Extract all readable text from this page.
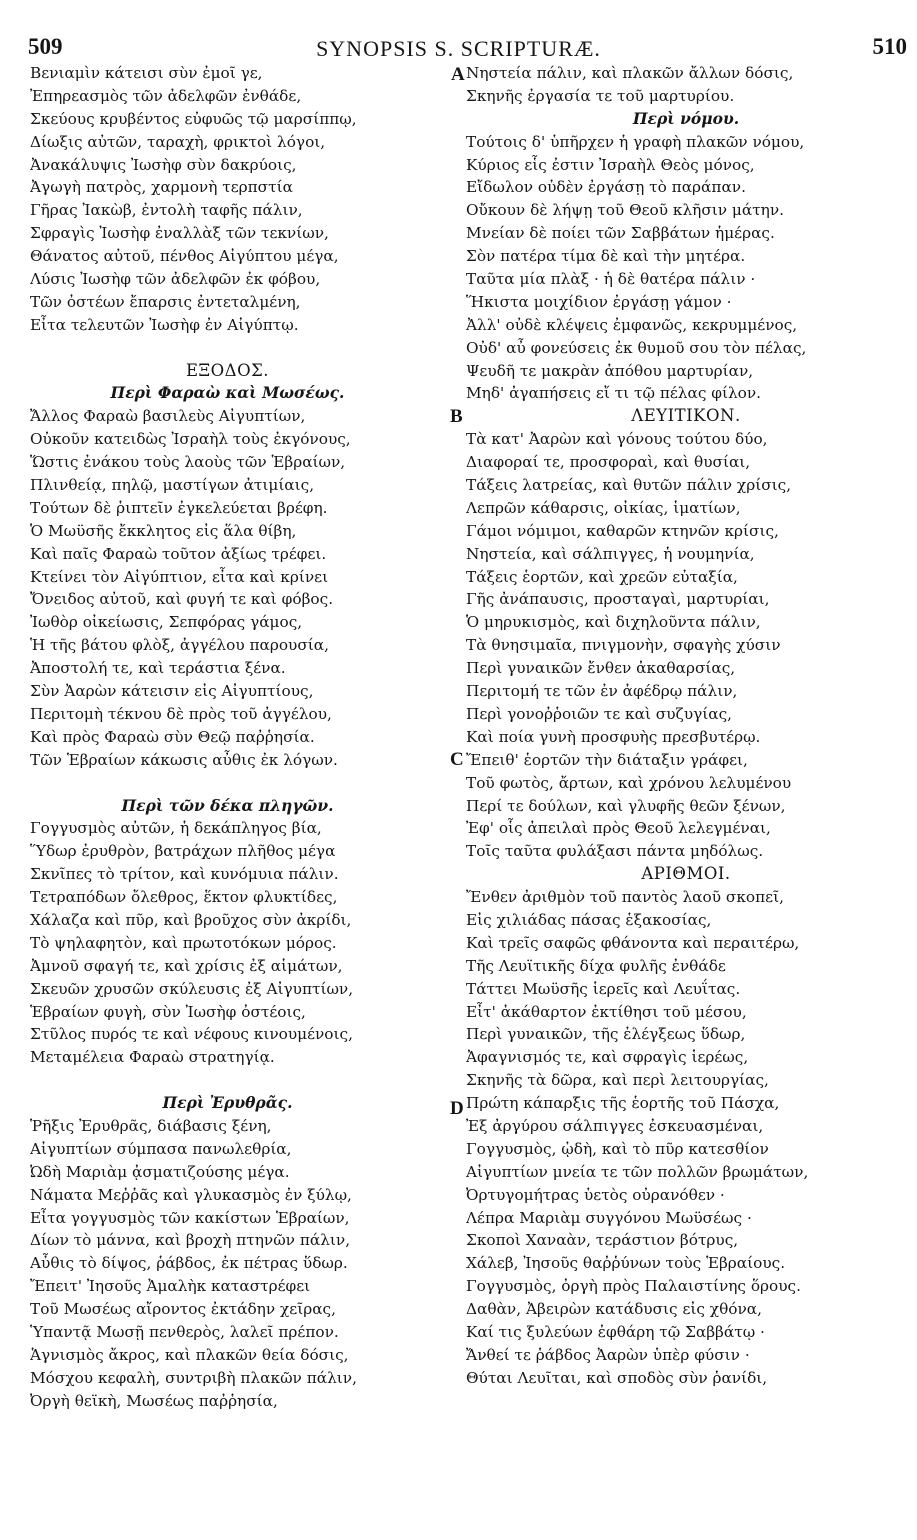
509	SYNOPSIS S. SCRIPTURÆ.	510
Βενιαμὶν κάτεισι σὺν ἐμοῖ γε,
Ἐπηρεασμὸς τῶν ἀδελφῶν ἐνθάδε,
Σκεύους κρυβέντος εὐφυῶς τῷ μαρσίππῳ,
Δίωξις αὐτῶν, ταραχὴ, φρικτοὶ λόγοι,
Ἀνακάλυψις Ἰωσὴφ σὺν δακρύοις,
Ἀγωγὴ πατρὸς, χαρμονὴ τερπστία
Γῆρας Ἰακὼβ, ἐντολὴ ταφῆς πάλιν,
Σφραγὶς Ἰωσὴφ ἐναλλὰξ τῶν τεκνίων,
Θάνατος αὐτοῦ, πένθος Αἰγύπτου μέγα,
Λύσις Ἰωσὴφ τῶν ἀδελφῶν ἐκ φόβου,
Τῶν ὀστέων ἔπαρσις ἐντεταλμένη,
Εἶτα τελευτῶν Ἰωσὴφ ἐν Αἰγύπτῳ.
ΕΞΟΔΟΣ.
Περὶ Φαραὼ καὶ Μωσέως.
Ἄλλος Φαραὼ βασιλεὺς Αἰγυπτίων,
Οὐκοῦν κατειδὼς Ἰσραὴλ τοὺς ἐκγόνους,
Ὥστις ἐνάκου τοὺς λαοὺς τῶν Ἑβραίων,
Πλινθείᾳ, πηλῷ, μαστίγων ἀτιμίαις,
Τούτων δὲ ῥιπτεῖν ἐγκελεύεται βρέφη.
Ὁ Μωϋσῆς ἔκκλητος εἰς ἅλα θίβη,
Καὶ παῖς Φαραὼ τοῦτον ἀξίως τρέφει.
Κτείνει τὸν Αἰγύπτιον, εἶτα καὶ κρίνει
Ὄνειδος αὐτοῦ, καὶ φυγή τε καὶ φόβος.
Ἰωθὸρ οἰκείωσις, Σεπφόρας γάμος,
Ἡ τῆς βάτου φλὸξ, ἀγγέλου παρουσία,
Ἀποστολή τε, καὶ τεράστια ξένα.
Σὺν Ἀαρὼν κάτεισιν εἰς Αἰγυπτίους,
Περιτομὴ τέκνου δὲ πρὸς τοῦ ἀγγέλου,
Καὶ πρὸς Φαραὼ σὺν Θεῷ παῤῥησία.
Τῶν Ἑβραίων κάκωσις αὖθις ἐκ λόγων.
Περὶ τῶν δέκα πληγῶν.
Γογγυσμὸς αὐτῶν, ἡ δεκάπληγος βία,
Ὕδωρ ἐρυθρὸν, βατράχων πλῆθος μέγα
Σκνῖπες τὸ τρίτον, καὶ κυνόμυια πάλιν.
Τετραπόδων ὄλεθρος, ἕκτον φλυκτίδες,
Χάλαζα καὶ πῦρ, καὶ βροῦχος σὺν ἀκρίδι,
Τὸ ψηλαφητὸν, καὶ πρωτοτόκων μόρος.
Ἀμνοῦ σφαγή τε, καὶ χρίσις ἐξ αἱμάτων,
Σκευῶν χρυσῶν σκύλευσις ἐξ Αἰγυπτίων,
Ἑβραίων φυγὴ, σὺν Ἰωσὴφ ὀστέοις,
Στῦλος πυρός τε καὶ νέφους κινουμένοις,
Μεταμέλεια Φαραὼ στρατηγίᾳ.
Περὶ Ἐρυθρᾶς.
Ῥῆξις Ἐρυθρᾶς, διάβασις ξένη,
Αἰγυπτίων σύμπασα πανωλεθρία,
Ὠδὴ Μαριὰμ ᾀσματιζούσης μέγα.
Νάματα Μεῤῥᾶς καὶ γλυκασμὸς ἐν ξύλῳ,
Εἶτα γογγυσμὸς τῶν κακίστων Ἑβραίων,
Δίων τὸ μάννα, καὶ βροχὴ πτηνῶν πάλιν,
Αὖθις τὸ δίψος, ῥάβδος, ἐκ πέτρας ὕδωρ.
Ἔπειτ' Ἰησοῦς Ἀμαλὴκ καταστρέφει
Τοῦ Μωσέως αἴροντος ἐκτάδην χεῖρας,
Ὑπαντᾷ Μωσῇ πενθερὸς, λαλεῖ πρέπον.
Ἁγνισμὸς ἄκρος, καὶ πλακῶν θεία δόσις,
Μόσχου κεφαλὴ, συντριβὴ πλακῶν πάλιν,
Ὀργὴ θεϊκὴ, Μωσέως παῤῥησία,
Νηστεία πάλιν, καὶ πλακῶν ἄλλων δόσις,
Σκηνῆς ἐργασία τε τοῦ μαρτυρίου.
Περὶ νόμου.
Τούτοις δ' ὑπῆρχεν ἡ γραφὴ πλακῶν νόμου,
Κύριος εἷς ἐστιν Ἰσραὴλ Θεὸς μόνος,
Εἴδωλον οὐδὲν ἐργάσῃ τὸ παράπαν.
Οὔκουν δὲ λήψῃ τοῦ Θεοῦ κλῆσιν μάτην.
Μνείαν δὲ ποίει τῶν Σαββάτων ἡμέρας.
Σὸν πατέρα τίμα δὲ καὶ τὴν μητέρα.
Ταῦτα μία πλὰξ · ἡ δὲ θατέρα πάλιν ·
Ἥκιστα μοιχίδιον ἐργάσῃ γάμον ·
Ἀλλ' οὐδὲ κλέψεις ἐμφανῶς, κεκρυμμένος,
Οὐδ' αὖ φονεύσεις ἐκ θυμοῦ σου τὸν πέλας,
Ψευδῆ τε μακρὰν ἀπόθου μαρτυρίαν,
Μηδ' ἀγαπήσεις εἴ τι τῷ πέλας φίλον.
ΛΕΥΙΤΙΚΟΝ.
Τὰ κατ' Ἀαρὼν καὶ γόνους τούτου δύο,
Διαφοραί τε, προσφοραὶ, καὶ θυσίαι,
Τάξεις λατρείας, καὶ θυτῶν πάλιν χρίσις,
Λεπρῶν κάθαρσις, οἰκίας, ἱματίων,
Γάμοι νόμιμοι, καθαρῶν κτηνῶν κρίσις,
Νηστεία, καὶ σάλπιγγες, ἡ νουμηνία,
Τάξεις ἑορτῶν, καὶ χρεῶν εὐταξία,
Γῆς ἀνάπαυσις, προσταγαὶ, μαρτυρίαι,
Ὁ μηρυκισμὸς, καὶ διχηλοῦντα πάλιν,
Τὰ θνησιμαῖα, πνιγμονὴν, σφαγὴς χύσιν
Περὶ γυναικῶν ἔνθεν ἀκαθαρσίας,
Περιτομή τε τῶν ἐν ἀφέδρῳ πάλιν,
Περὶ γονοῤῥοιῶν τε καὶ συζυγίας,
Καὶ ποία γυνὴ προσφυὴς πρεσβυτέρῳ.
Ἔπειθ' ἑορτῶν τὴν διάταξιν γράφει,
Τοῦ φωτὸς, ἄρτων, καὶ χρόνου λελυμένου
Περί τε δούλων, καὶ γλυφῆς θεῶν ξένων,
Ἐφ' οἷς ἀπειλαὶ πρὸς Θεοῦ λελεγμέναι,
Τοῖς ταῦτα φυλάξασι πάντα μηδόλως.
ΑΡΙΘΜΟΙ.
Ἔνθεν ἀριθμὸν τοῦ παντὸς λαοῦ σκοπεῖ,
Εἰς χιλιάδας πάσας ἑξακοσίας,
Καὶ τρεῖς σαφῶς φθάνοντα καὶ περαιτέρω,
Τῆς Λευϊτικῆς δίχα φυλῆς ἐνθάδε
Τάττει Μωϋσῆς ἱερεῖς καὶ Λευΐτας.
Εἶτ' ἀκάθαρτον ἐκτίθησι τοῦ μέσου,
Περὶ γυναικῶν, τῆς ἐλέγξεως ὕδωρ,
Ἀφαγνισμός τε, καὶ σφραγὶς ἱερέως,
Σκηνῆς τὰ δῶρα, καὶ περὶ λειτουργίας,
Πρώτη κάπαρξις τῆς ἑορτῆς τοῦ Πάσχα,
Ἐξ ἀργύρου σάλπιγγες ἐσκευασμέναι,
Γογγυσμὸς, ᾠδὴ, καὶ τὸ πῦρ κατεσθίον
Αἰγυπτίων μνεία τε τῶν πολλῶν βρωμάτων,
Ὀρτυγομήτρας ὑετὸς οὐρανόθεν ·
Λέπρα Μαριὰμ συγγόνου Μωϋσέως ·
Σκοποὶ Χαναὰν, τεράστιον βότρυς,
Χάλεβ, Ἰησοῦς θαῤῥύνων τοὺς Ἑβραίους.
Γογγυσμὸς, ὀργὴ πρὸς Παλαιστίνης ὅρους.
Δαθὰν, Ἀβειρὼν κατάδυσις εἰς χθόνα,
Καί τις ξυλεύων ἐφθάρη τῷ Σαββάτῳ ·
Ἄνθεί τε ῥάβδος Ἀαρὼν ὑπὲρ φύσιν ·
Θύται Λευῖται, καὶ σποδὸς σὺν ῥανίδι,
A
B
C
D
